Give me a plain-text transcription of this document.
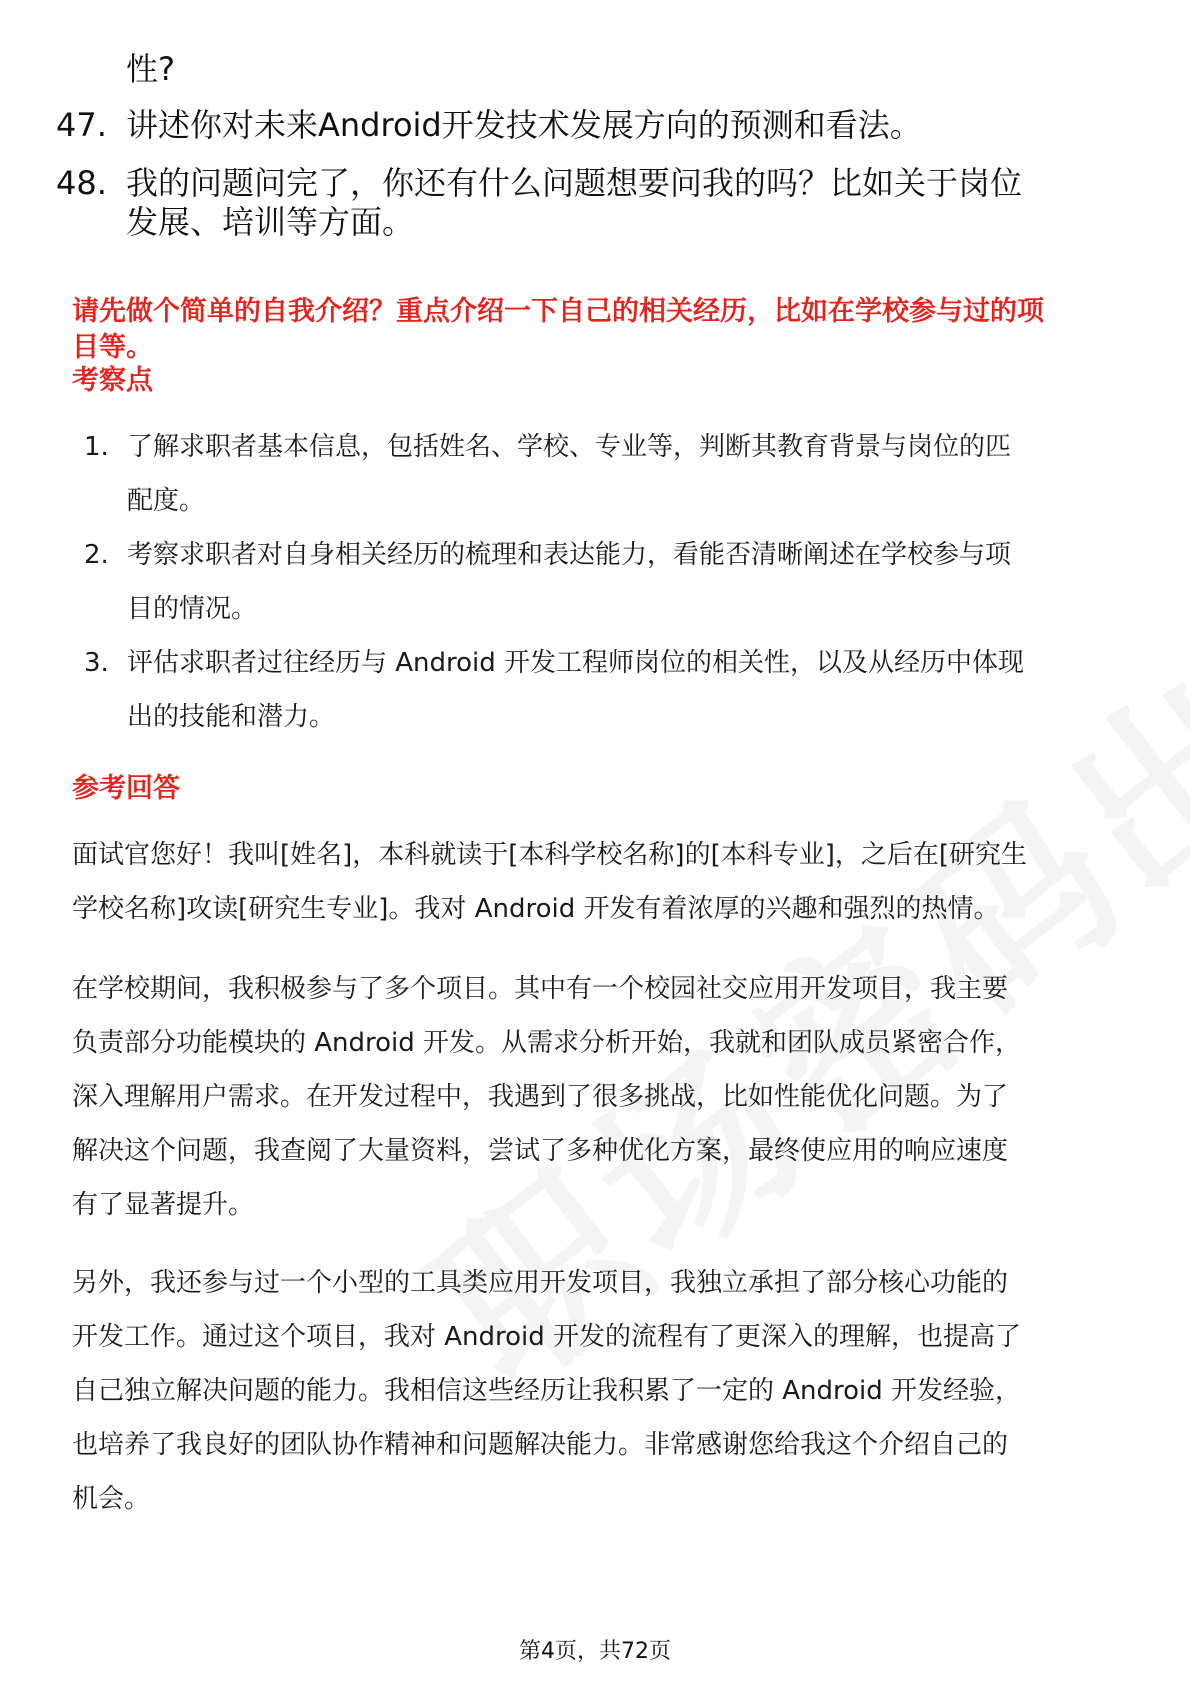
性?
47. 讲述你对未来Android开发技术发展方向的预测和看法。
48. 我的问题问完了，你还有什么问题想要问我的吗？比如关于岗位
发展、培训等方面。
请先做个简单的自我介绍？重点介绍一下自己的相关经历，比如在学校参与过的项
目等。
考察点
1. 了解求职者基本信息，包括姓名、学校、专业等，判断其教育背景与岗位的匹
配度。
2. 考察求职者对自身相关经历的梳理和表达能力，看能否清晰阐述在学校参与项
目的情况。
3. 评估求职者过往经历与 Android 开发工程师岗位的相关性，以及从经历中体现
出的技能和潜力。
参考回答
面试官您好！我叫[姓名]，本科就读于[本科学校名称]的[本科专业]，之后在[研究生
学校名称]攻读[研究生专业]。我对 Android 开发有着浓厚的兴趣和强烈的热情。
在学校期间，我积极参与了多个项目。其中有一个校园社交应用开发项目，我主要
负责部分功能模块的 Android 开发。从需求分析开始，我就和团队成员紧密合作，
深入理解用户需求。在开发过程中，我遇到了很多挑战，比如性能优化问题。为了
解决这个问题，我查阅了大量资料，尝试了多种优化方案，最终使应用的响应速度
有了显著提升。
另外，我还参与过一个小型的工具类应用开发项目，我独立承担了部分核心功能的
开发工作。通过这个项目，我对 Android 开发的流程有了更深入的理解，也提高了
自己独立解决问题的能力。我相信这些经历让我积累了一定的 Android 开发经验，
也培养了我良好的团队协作精神和问题解决能力。非常感谢您给我这个介绍自己的
机会。
第4页，共72页
